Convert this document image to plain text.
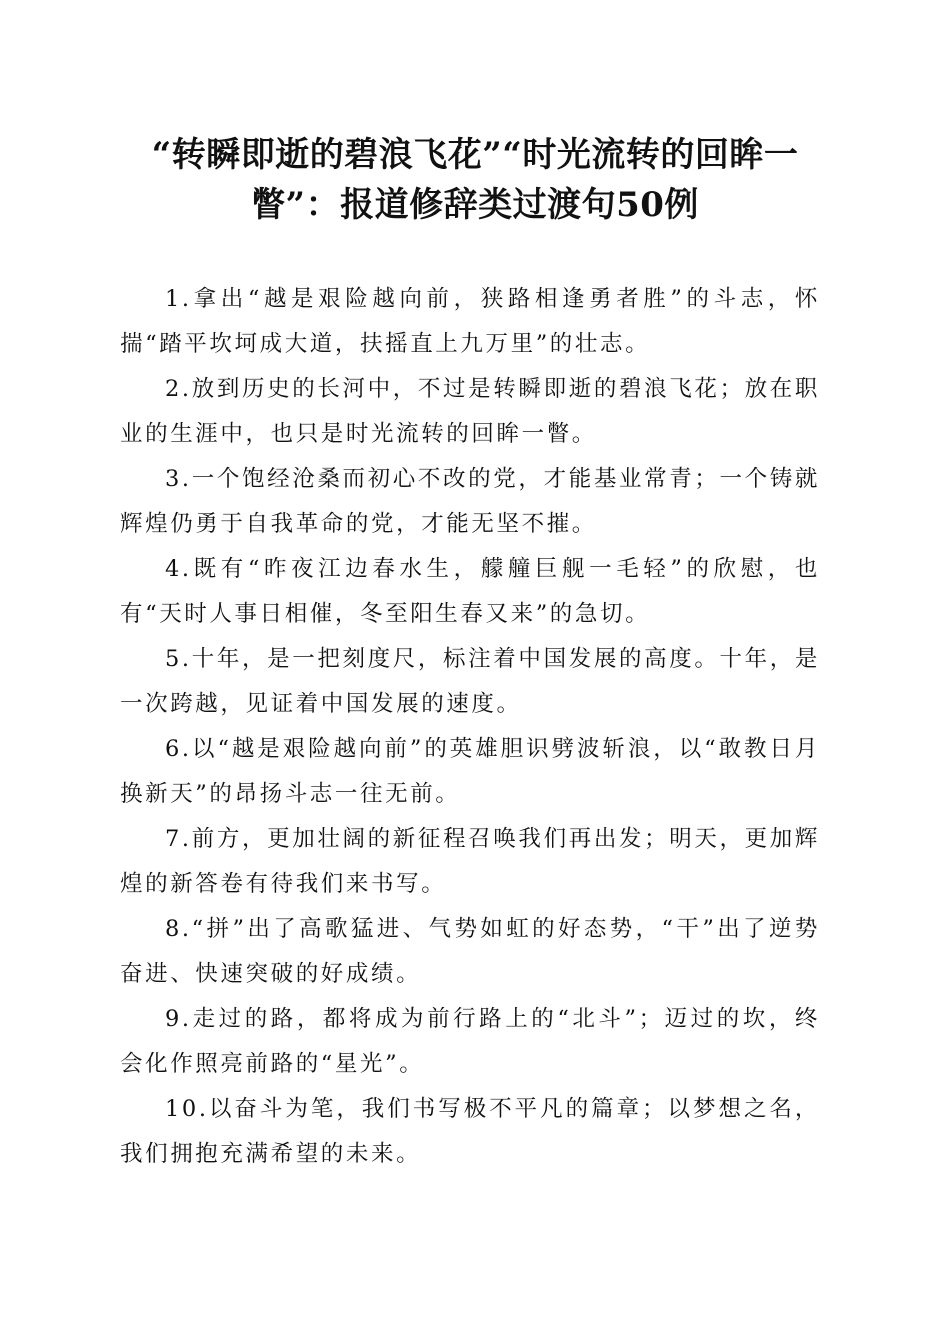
“转瞬即逝的碧浪飞花”“时光流转的回眸一
瞥”：报道修辞类过渡句50例
1.拿出“越是艰险越向前，狭路相逢勇者胜”的斗志，怀揣“踏平坎坷成大道，扶摇直上九万里”的壮志。
2.放到历史的长河中，不过是转瞬即逝的碧浪飞花；放在职业的生涯中，也只是时光流转的回眸一瞥。
3.一个饱经沧桑而初心不改的党，才能基业常青；一个铸就辉煌仍勇于自我革命的党，才能无坚不摧。
4.既有“昨夜江边春水生，艨艟巨舰一毛轻”的欣慰，也有“天时人事日相催，冬至阳生春又来”的急切。
5.十年，是一把刻度尺，标注着中国发展的高度。十年，是一次跨越，见证着中国发展的速度。
6.以“越是艰险越向前”的英雄胆识劈波斩浪，以“敢教日月换新天”的昂扬斗志一往无前。
7.前方，更加壮阔的新征程召唤我们再出发；明天，更加辉煌的新答卷有待我们来书写。
8.“拼”出了高歌猛进、气势如虹的好态势，“干”出了逆势奋进、快速突破的好成绩。
9.走过的路，都将成为前行路上的“北斗”；迈过的坎，终会化作照亮前路的“星光”。
10.以奋斗为笔，我们书写极不平凡的篇章；以梦想之名，我们拥抱充满希望的未来。
